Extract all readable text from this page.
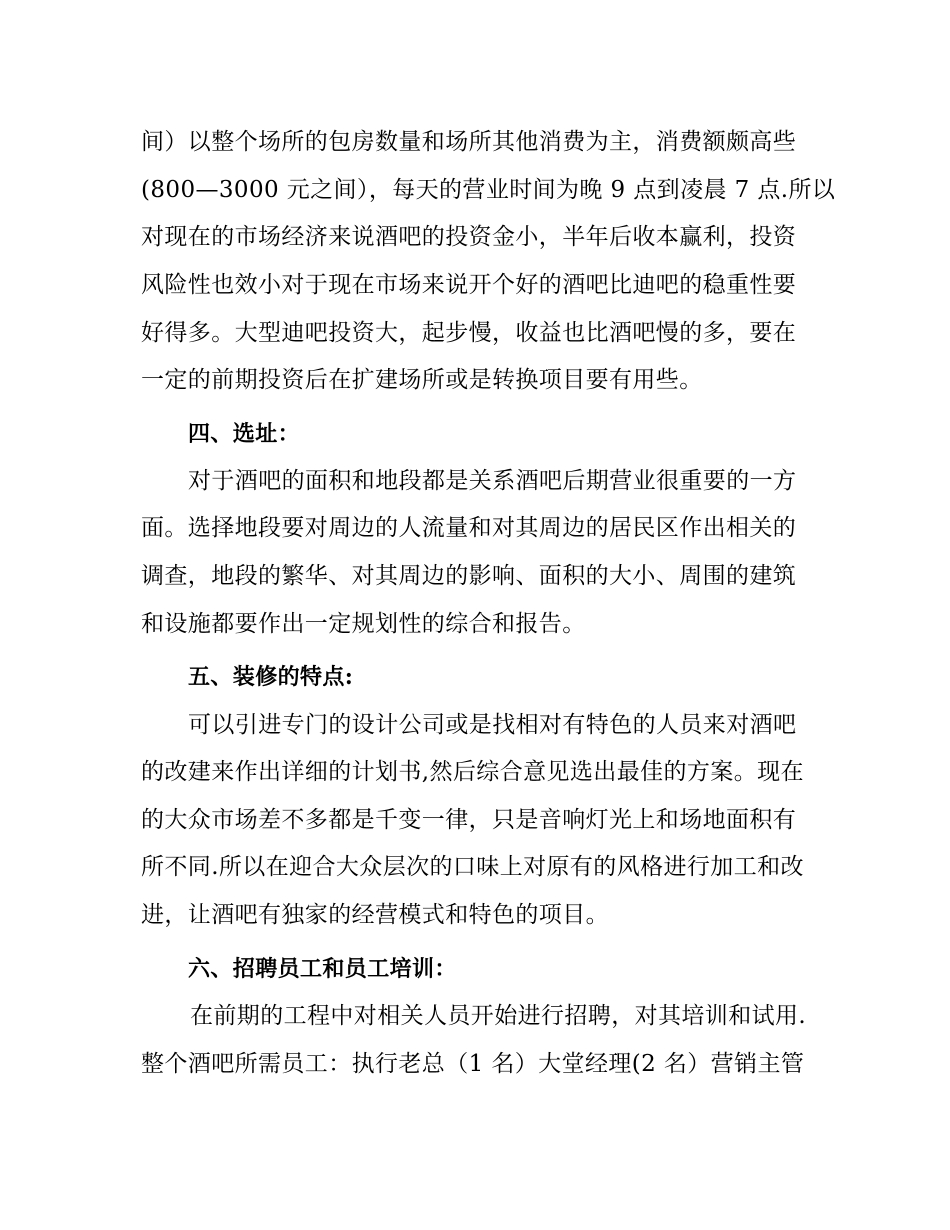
间）以整个场所的包房数量和场所其他消费为主，消费额颇高些
(800—3000 元之间），每天的营业时间为晚 9 点到凌晨 7 点.所以
对现在的市场经济来说酒吧的投资金小，半年后收本赢利，投资
风险性也效小对于现在市场来说开个好的酒吧比迪吧的稳重性要
好得多。大型迪吧投资大，起步慢，收益也比酒吧慢的多，要在
一定的前期投资后在扩建场所或是转换项目要有用些。
四、选址：
对于酒吧的面积和地段都是关系酒吧后期营业很重要的一方
面。选择地段要对周边的人流量和对其周边的居民区作出相关的
调查，地段的繁华、对其周边的影响、面积的大小、周围的建筑
和设施都要作出一定规划性的综合和报告。
五、装修的特点:
可以引进专门的设计公司或是找相对有特色的人员来对酒吧
的改建来作出详细的计划书,然后综合意见选出最佳的方案。现在
的大众市场差不多都是千变一律，只是音响灯光上和场地面积有
所不同.所以在迎合大众层次的口味上对原有的风格进行加工和改
进，让酒吧有独家的经营模式和特色的项目。
六、招聘员工和员工培训：
在前期的工程中对相关人员开始进行招聘，对其培训和试用.
整个酒吧所需员工：执行老总（1 名）大堂经理(2 名）营销主管
